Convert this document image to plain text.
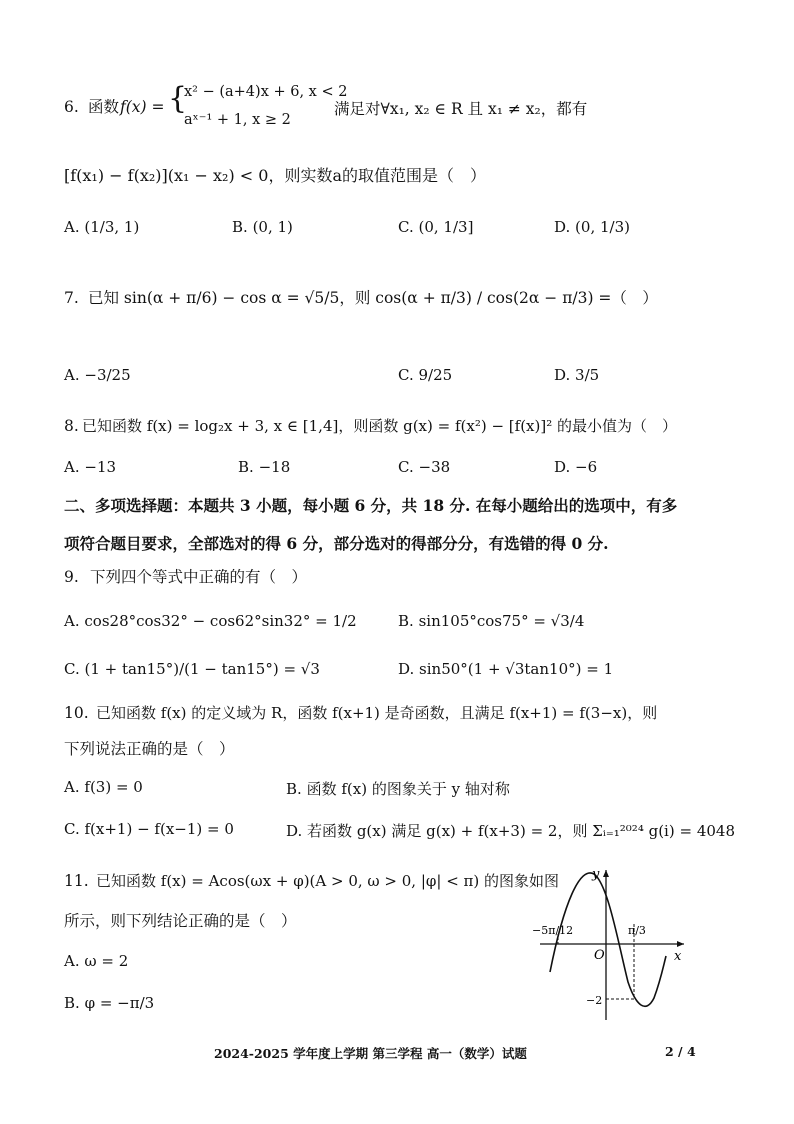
6. 函数 f(x) = {
x² − (a+4)x + 6, x < 2
aˣ⁻¹ + 1, x ≥ 2
满足对∀x₁, x₂ ∈ R 且 x₁ ≠ x₂，都有
[f(x₁) − f(x₂)](x₁ − x₂) < 0，则实数a的取值范围是（　）
A. (1/3, 1)	B. (0, 1)	C. (0, 1/3]	D. (0, 1/3)
7. 已知 sin(α + π/6) − cos α = √5/5，则 cos(α + π/3) / cos(2α − π/3) =（　）
A. −3/25	C. 9/25	D. 3/5
8. 已知函数 f(x) = log₂x + 3, x ∈ [1,4]，则函数 g(x) = f(x²) − [f(x)]² 的最小值为（　）
A. −13	B. −18	C. −38	D. −6
二、多项选择题：本题共 3 小题，每小题 6 分，共 18 分. 在每小题给出的选项中，有多
项符合题目要求，全部选对的得 6 分，部分选对的得部分分，有选错的得 0 分.
9. 下列四个等式中正确的有（　）
A. cos28°cos32° − cos62°sin32° = 1/2	B. sin105°cos75° = √3/4
C. (1 + tan15°)/(1 − tan15°) = √3	D. sin50°(1 + √3tan10°) = 1
10. 已知函数 f(x) 的定义域为 R，函数 f(x+1) 是奇函数，且满足 f(x+1) = f(3−x)，则
下列说法正确的是（　）
A. f(3) = 0	B. 函数 f(x) 的图象关于 y 轴对称
C. f(x+1) − f(x−1) = 0	D. 若函数 g(x) 满足 g(x) + f(x+3) = 2，则 Σᵢ₌₁²⁰²⁴ g(i) = 4048
11. 已知函数 f(x) = Acos(ωx + φ)(A > 0, ω > 0, |φ| < π) 的图象如图
所示，则下列结论正确的是（　）
A. ω = 2
B. φ = −π/3
y
x
O
−5π/12	π/3
−2
2024-2025 学年度上学期 第三学程 高一（数学）试题	2 / 4
